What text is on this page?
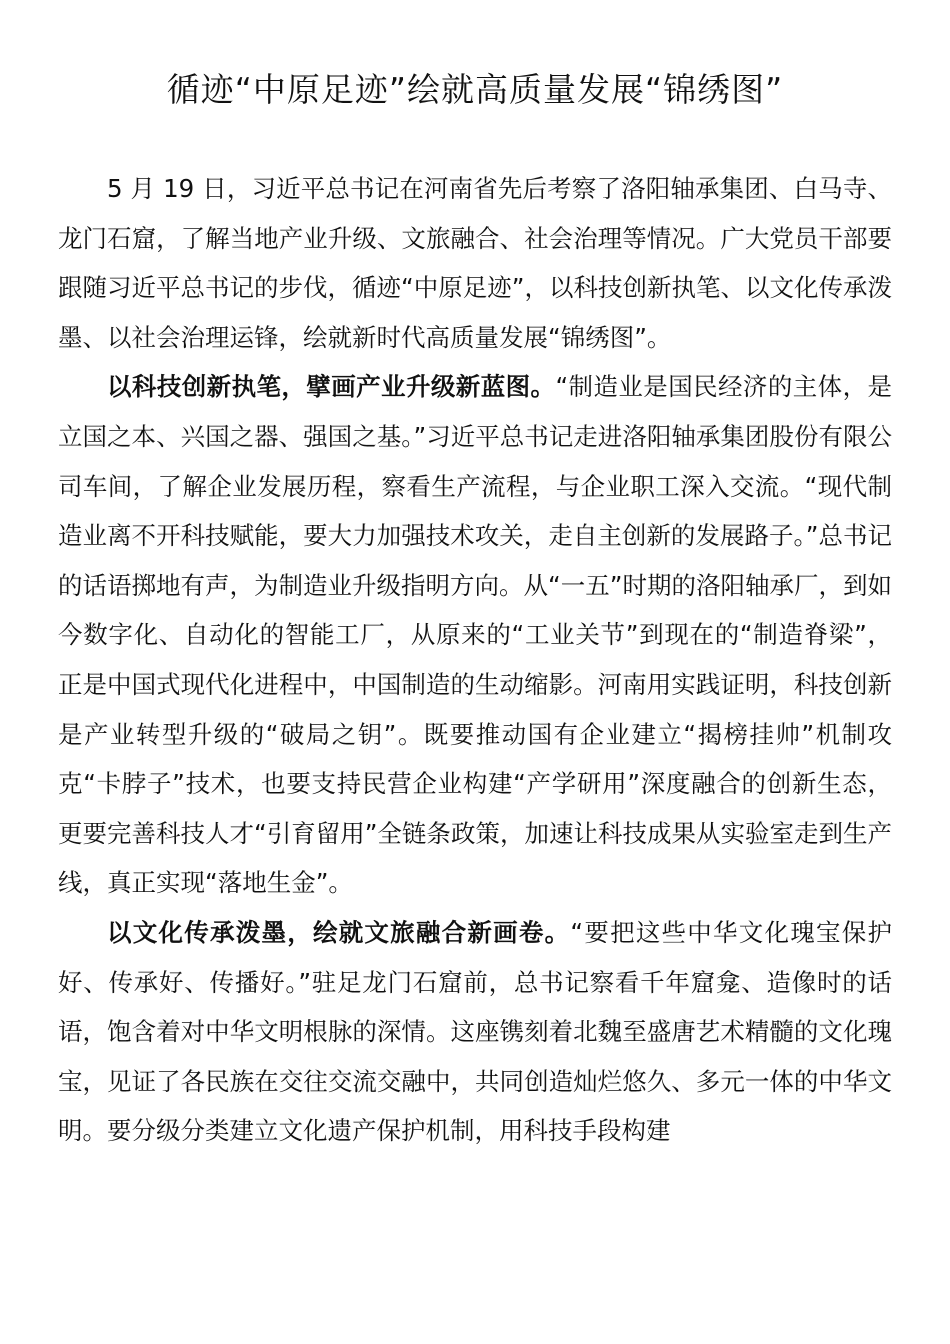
循迹“中原足迹”绘就高质量发展“锦绣图”

5 月 19 日，习近平总书记在河南省先后考察了洛阳轴承集团、白马寺、龙门石窟，了解当地产业升级、文旅融合、社会治理等情况。广大党员干部要跟随习近平总书记的步伐，循迹“中原足迹”，以科技创新执笔、以文化传承泼墨、以社会治理运锋，绘就新时代高质量发展“锦绣图”。

以科技创新执笔，擘画产业升级新蓝图。“制造业是国民经济的主体，是立国之本、兴国之器、强国之基。”习近平总书记走进洛阳轴承集团股份有限公司车间，了解企业发展历程，察看生产流程，与企业职工深入交流。“现代制造业离不开科技赋能，要大力加强技术攻关，走自主创新的发展路子。”总书记的话语掷地有声，为制造业升级指明方向。从“一五”时期的洛阳轴承厂，到如今数字化、自动化的智能工厂，从原来的“工业关节”到现在的“制造脊梁”，正是中国式现代化进程中，中国制造的生动缩影。河南用实践证明，科技创新是产业转型升级的“破局之钥”。既要推动国有企业建立“揭榜挂帅”机制攻克“卡脖子”技术，也要支持民营企业构建“产学研用”深度融合的创新生态，更要完善科技人才“引育留用”全链条政策，加速让科技成果从实验室走到生产线，真正实现“落地生金”。

以文化传承泼墨，绘就文旅融合新画卷。“要把这些中华文化瑰宝保护好、传承好、传播好。”驻足龙门石窟前，总书记察看千年窟龛、造像时的话语，饱含着对中华文明根脉的深情。这座镌刻着北魏至盛唐艺术精髓的文化瑰宝，见证了各民族在交往交流交融中，共同创造灿烂悠久、多元一体的中华文明。要分级分类建立文化遗产保护机制，用科技手段构建
